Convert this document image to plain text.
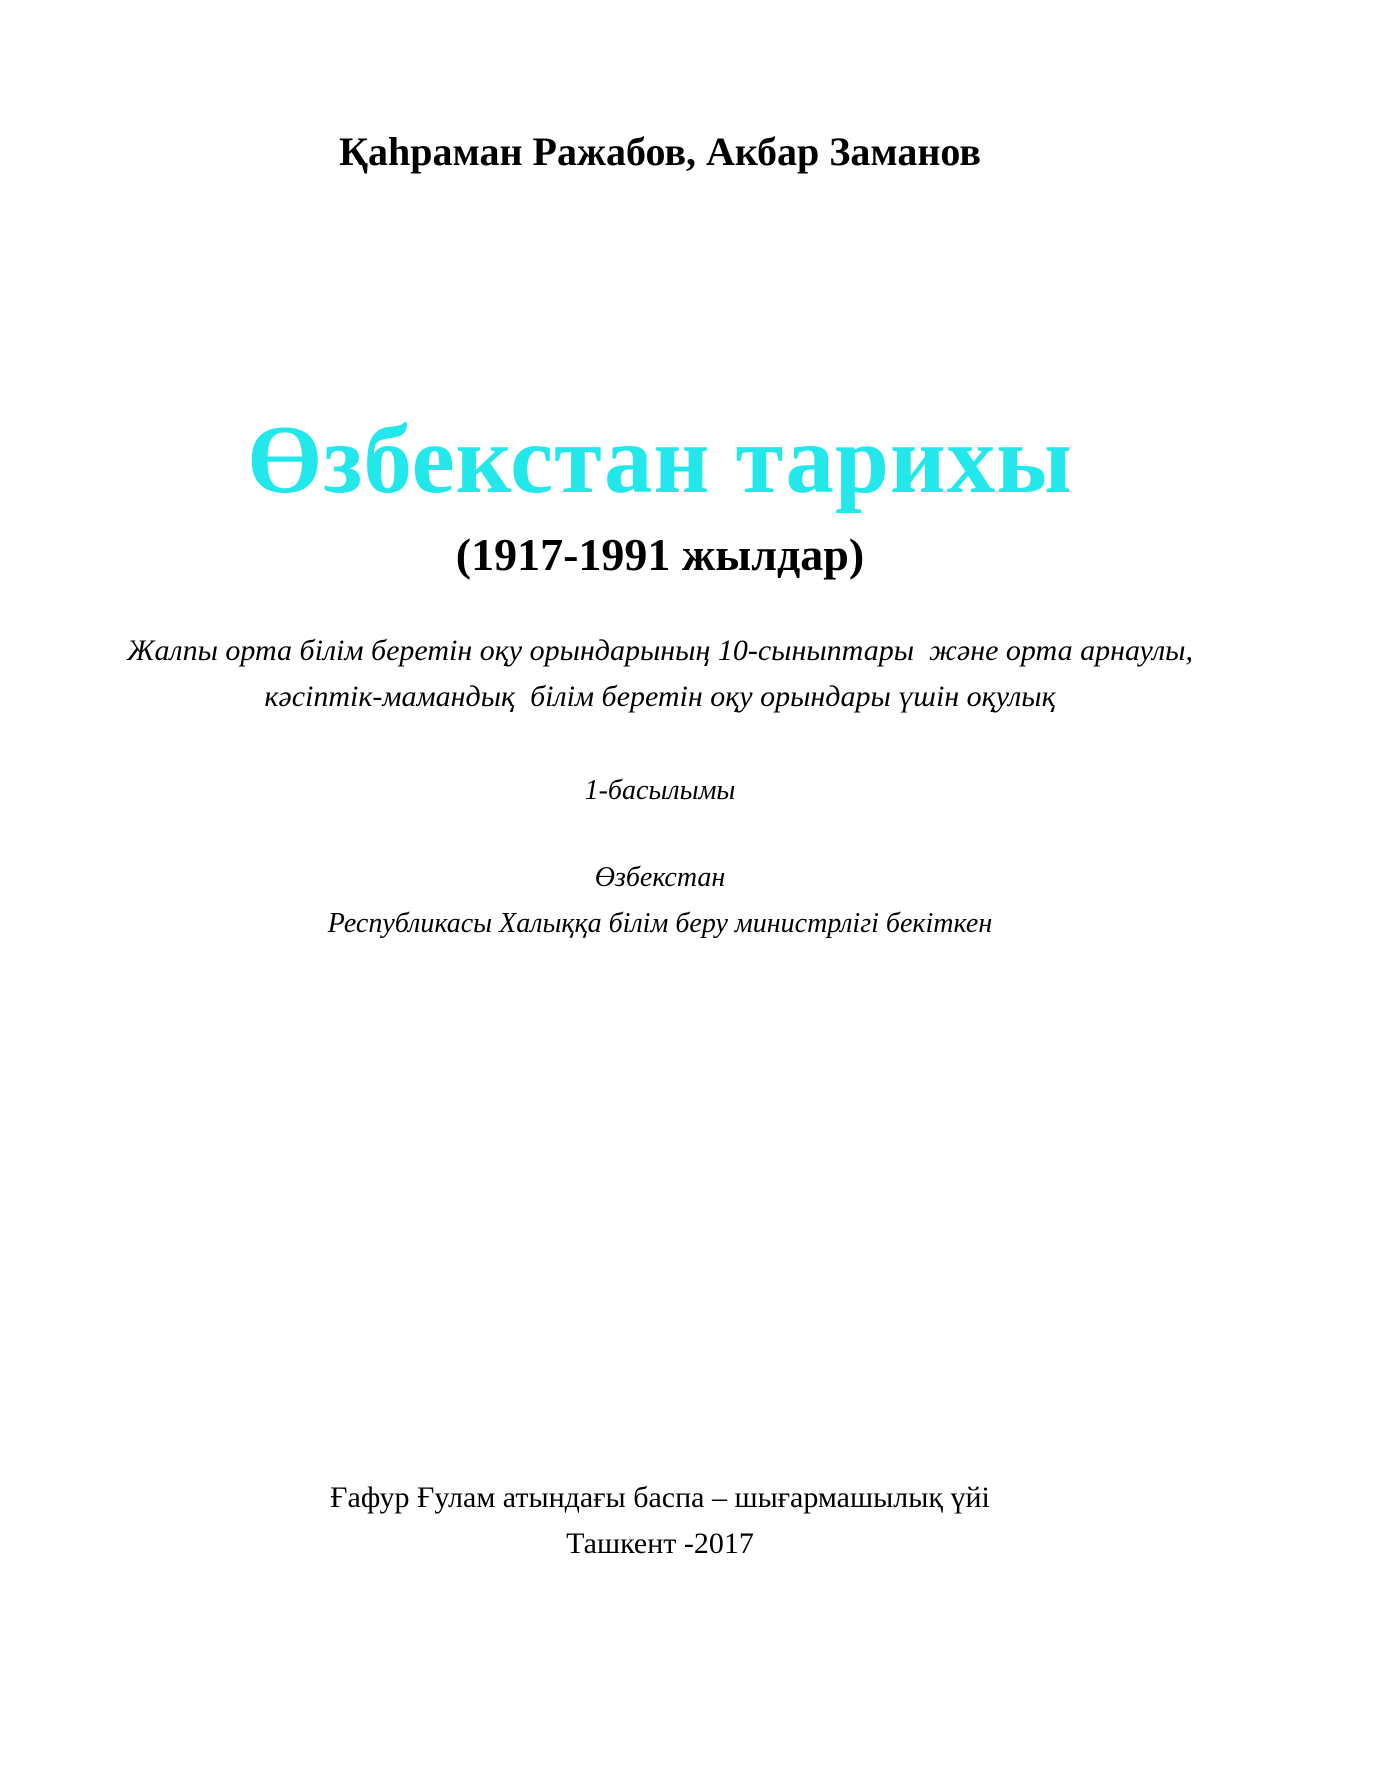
Қаһраман Ражабов, Акбар Заманов
Өзбекстан тарихы
(1917-1991 жылдар)
Жалпы орта білім беретін оқу орындарының 10-сыныптары  және орта арнаулы,
кәсіптік-мамандық  білім беретін оқу орындары үшін оқулық
1-басылымы
Өзбекстан
Республикасы Халыққа білім беру министрлігі бекіткен
Ғафур Ғулам атындағы баспа – шығармашылық үйі
Ташкент -2017
